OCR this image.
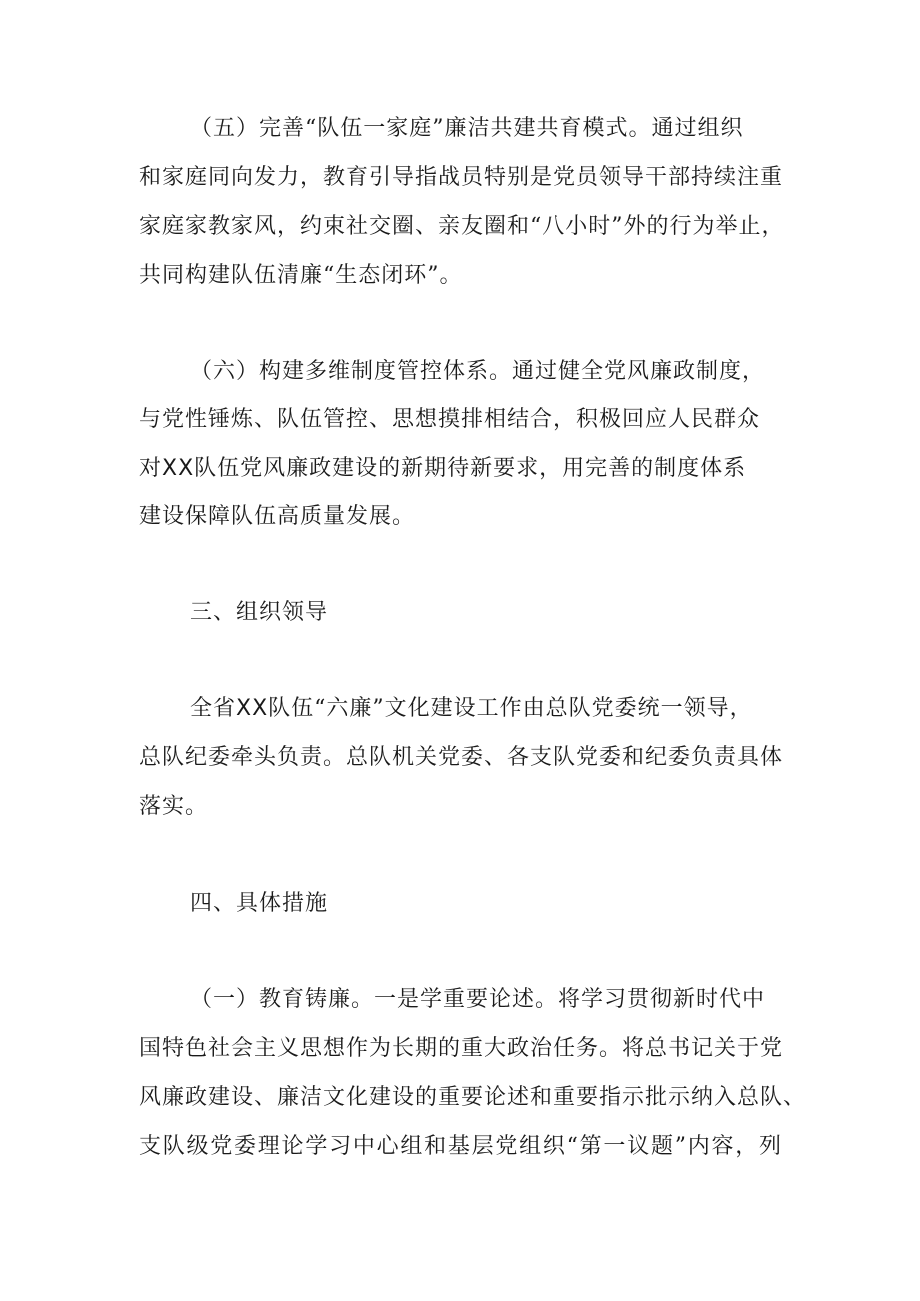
（五）完善“队伍一家庭”廉洁共建共育模式。通过组织
和家庭同向发力，教育引导指战员特别是党员领导干部持续注重
家庭家教家风，约束社交圈、亲友圈和“八小时”外的行为举止，
共同构建队伍清廉“生态闭环”。
（六）构建多维制度管控体系。通过健全党风廉政制度，
与党性锤炼、队伍管控、思想摸排相结合，积极回应人民群众
对XX队伍党风廉政建设的新期待新要求，用完善的制度体系
建设保障队伍高质量发展。
三、组织领导
全省XX队伍“六廉”文化建设工作由总队党委统一领导，
总队纪委牵头负责。总队机关党委、各支队党委和纪委负责具体
落实。
四、具体措施
（一）教育铸廉。一是学重要论述。将学习贯彻新时代中
国特色社会主义思想作为长期的重大政治任务。将总书记关于党
风廉政建设、廉洁文化建设的重要论述和重要指示批示纳入总队、
支队级党委理论学习中心组和基层党组织“第一议题”内容，列
